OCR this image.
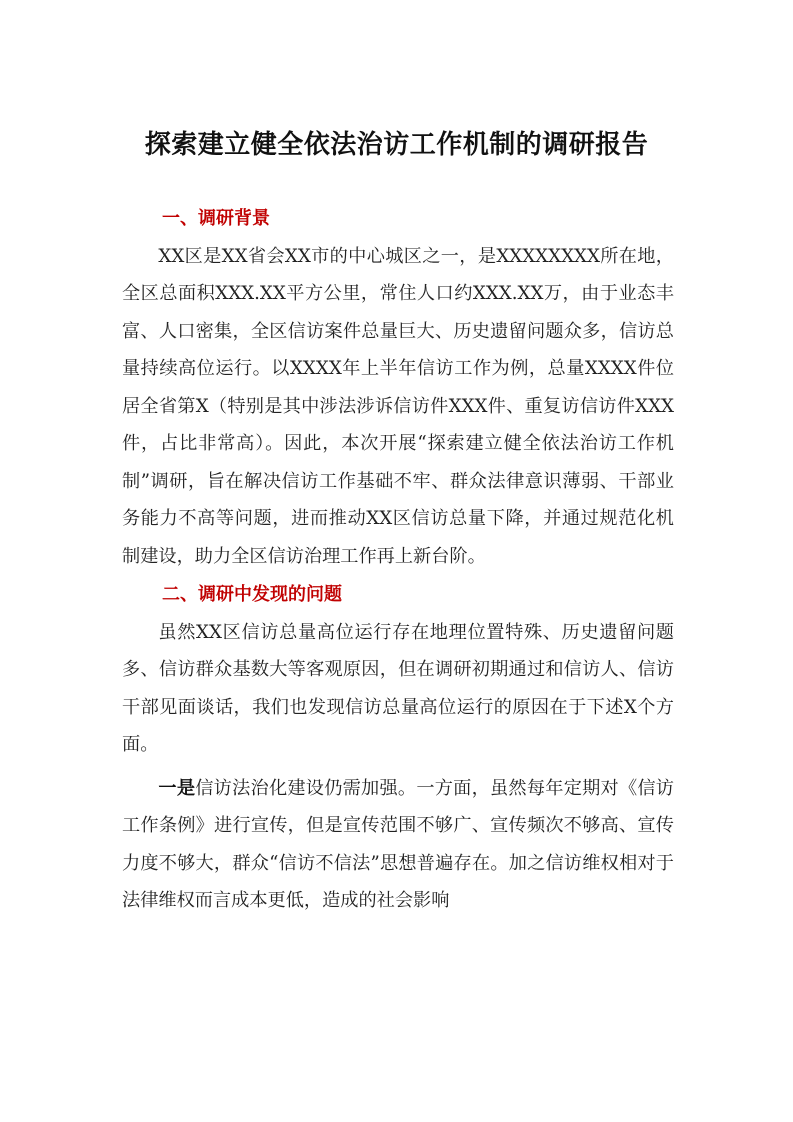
探索建立健全依法治访工作机制的调研报告

一、调研背景

XX区是XX省会XX市的中心城区之一，是XXXXXXXX所在地，全区总面积XXX.XX平方公里，常住人口约XXX.XX万，由于业态丰富、人口密集，全区信访案件总量巨大、历史遗留问题众多，信访总量持续高位运行。以XXXX年上半年信访工作为例，总量XXXX件位居全省第X（特别是其中涉法涉诉信访件XXX件、重复访信访件XXX件，占比非常高）。因此，本次开展“探索建立健全依法治访工作机制”调研，旨在解决信访工作基础不牢、群众法律意识薄弱、干部业务能力不高等问题，进而推动XX区信访总量下降，并通过规范化机制建设，助力全区信访治理工作再上新台阶。

二、调研中发现的问题

虽然XX区信访总量高位运行存在地理位置特殊、历史遗留问题多、信访群众基数大等客观原因，但在调研初期通过和信访人、信访干部见面谈话，我们也发现信访总量高位运行的原因在于下述X个方面。

一是信访法治化建设仍需加强。一方面，虽然每年定期对《信访工作条例》进行宣传，但是宣传范围不够广、宣传频次不够高、宣传力度不够大，群众“信访不信法”思想普遍存在。加之信访维权相对于法律维权而言成本更低，造成的社会影响
